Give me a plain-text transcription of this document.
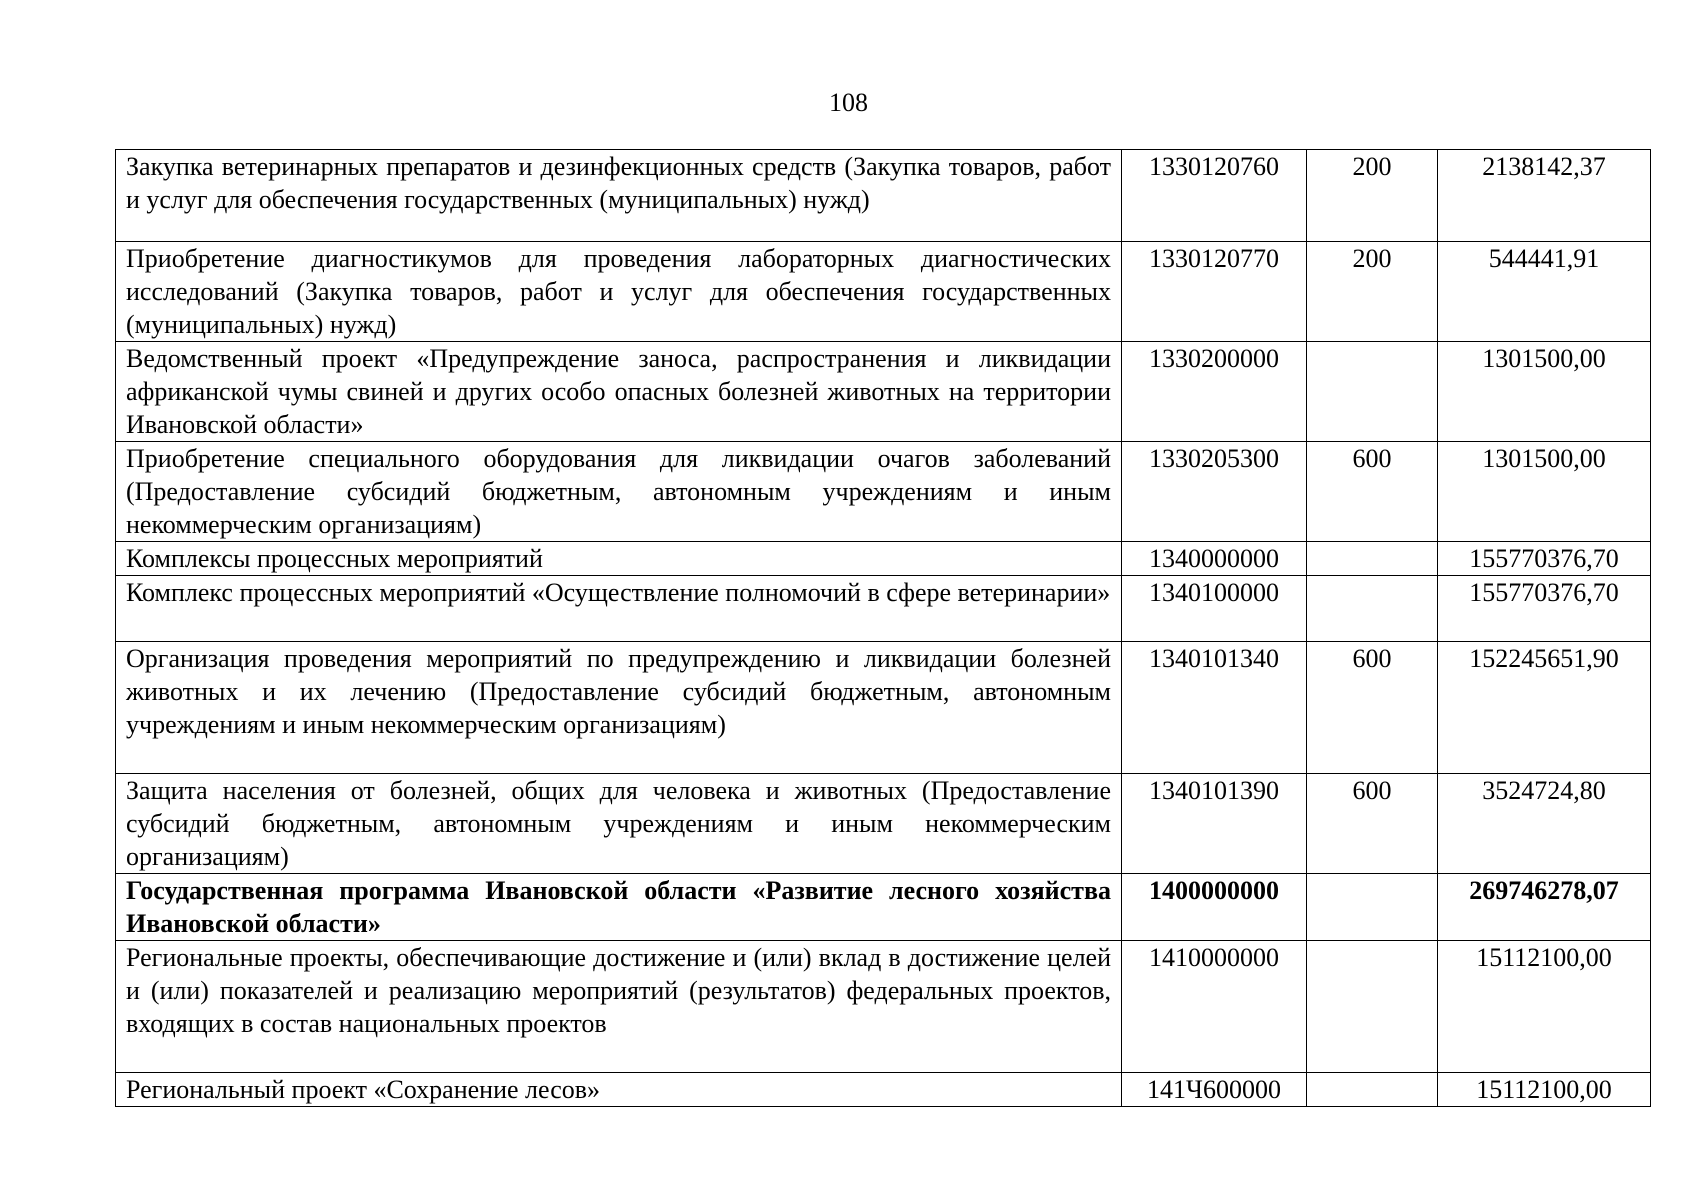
108
Закупка ветеринарных препаратов и дезинфекционных средств (Закупка товаров, работ и услуг для обеспечения государственных (муниципальных) нужд)	1330120760	200	2138142,37
Приобретение диагностикумов для проведения лабораторных диагностических исследований (Закупка товаров, работ и услуг для обеспечения государственных (муниципальных) нужд)	1330120770	200	544441,91
Ведомственный проект «Предупреждение заноса, распространения и ликвидации африканской чумы свиней и других особо опасных болезней животных на территории Ивановской области»	1330200000		1301500,00
Приобретение специального оборудования для ликвидации очагов заболеваний (Предоставление субсидий бюджетным, автономным учреждениям и иным некоммерческим организациям)	1330205300	600	1301500,00
Комплексы процессных мероприятий	1340000000		155770376,70
Комплекс процессных мероприятий «Осуществление полномочий в сфере ветеринарии»	1340100000		155770376,70
Организация проведения мероприятий по предупреждению и ликвидации болезней животных и их лечению (Предоставление субсидий бюджетным, автономным учреждениям и иным некоммерческим организациям)	1340101340	600	152245651,90
Защита населения от болезней, общих для человека и животных (Предоставление субсидий бюджетным, автономным учреждениям и иным некоммерческим организациям)	1340101390	600	3524724,80
Государственная программа Ивановской области «Развитие лесного хозяйства Ивановской области»	1400000000		269746278,07
Региональные проекты, обеспечивающие достижение и (или) вклад в достижение целей и (или) показателей и реализацию мероприятий (результатов) федеральных проектов, входящих в состав национальных проектов	1410000000		15112100,00
Региональный проект «Сохранение лесов»	141Ч600000		15112100,00
